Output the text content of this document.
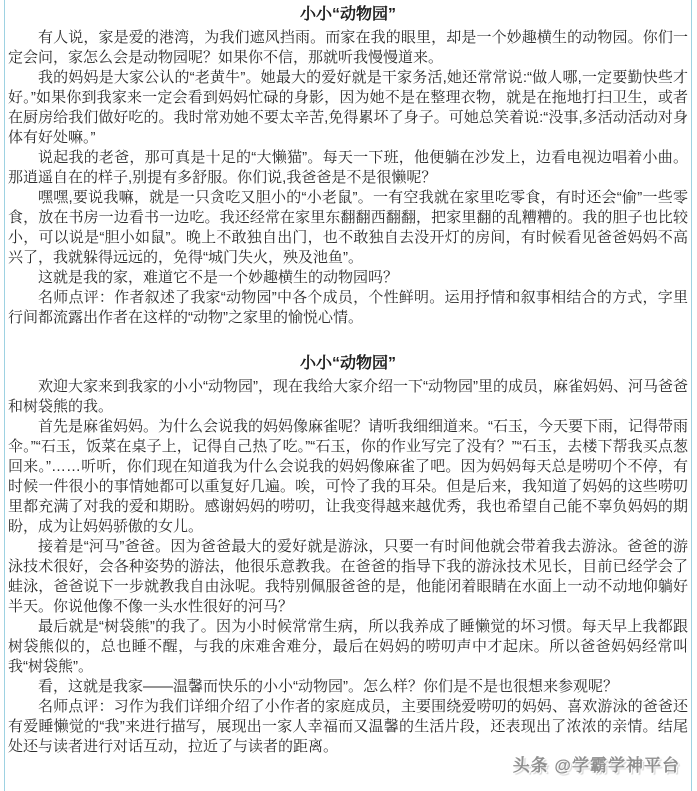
小小“动物园”

有人说，家是爱的港湾，为我们遮风挡雨。而家在我的眼里，却是一个妙趣横生的动物园。你们一定会问，家怎么会是动物园呢？如果你不信，那就听我慢慢道来。

我的妈妈是大家公认的“老黄牛”。她最大的爱好就是干家务活,她还常常说:“做人哪,一定要勤快些才好。”如果你到我家来一定会看到妈妈忙碌的身影，因为她不是在整理衣物，就是在拖地打扫卫生，或者在厨房给我们做好吃的。我时常劝她不要太辛苦,免得累坏了身子。可她总笑着说:“没事,多活动活动对身体有好处嘛。”

说起我的老爸，那可真是十足的“大懒猫”。每天一下班，他便躺在沙发上，边看电视边唱着小曲。那逍遥自在的样子,别提有多舒服。你们说,我爸爸是不是很懒呢？

嘿嘿,要说我嘛，就是一只贪吃又胆小的“小老鼠”。一有空我就在家里吃零食，有时还会“偷”一些零食，放在书房一边看书一边吃。我还经常在家里东翻翻西翻翻，把家里翻的乱糟糟的。我的胆子也比较小，可以说是“胆小如鼠”。晚上不敢独自出门，也不敢独自去没开灯的房间，有时候看见爸爸妈妈不高兴了，我就躲得远远的，免得“城门失火，殃及池鱼”。

这就是我的家，难道它不是一个妙趣横生的动物园吗？

名师点评：作者叙述了我家“动物园”中各个成员，个性鲜明。运用抒情和叙事相结合的方式，字里行间都流露出作者在这样的“动物”之家里的愉悦心情。

小小“动物园”

欢迎大家来到我家的小小“动物园”，现在我给大家介绍一下“动物园”里的成员，麻雀妈妈、河马爸爸和树袋熊的我。

首先是麻雀妈妈。为什么会说我的妈妈像麻雀呢？请听我细细道来。“石玉，今天要下雨，记得带雨伞。”“石玉，饭菜在桌子上，记得自己热了吃。”“石玉，你的作业写完了没有？”“石玉，去楼下帮我买点葱回来。”……听听，你们现在知道我为什么会说我的妈妈像麻雀了吧。因为妈妈每天总是唠叨个不停，有时候一件很小的事情她都可以重复好几遍。唉，可怜了我的耳朵。但是后来，我知道了妈妈的这些唠叨里都充满了对我的爱和期盼。感谢妈妈的唠叨，让我变得越来越优秀，我也希望自己能不辜负妈妈的期盼，成为让妈妈骄傲的女儿。

接着是“河马”爸爸。因为爸爸最大的爱好就是游泳，只要一有时间他就会带着我去游泳。爸爸的游泳技术很好，会各种姿势的游法，他很乐意教我。在爸爸的指导下我的游泳技术见长，目前已经学会了蛙泳，爸爸说下一步就教我自由泳呢。我特别佩服爸爸的是，他能闭着眼睛在水面上一动不动地仰躺好半天。你说他像不像一头水性很好的河马？

最后就是“树袋熊”的我了。因为小时候常常生病，所以我养成了睡懒觉的坏习惯。每天早上我都跟树袋熊似的，总也睡不醒，与我的床难舍难分，最后在妈妈的唠叨声中才起床。所以爸爸妈妈经常叫我“树袋熊”。

看，这就是我家——温馨而快乐的小小“动物园”。怎么样？你们是不是也很想来参观呢？

名师点评：习作为我们详细介绍了小作者的家庭成员，主要围绕爱唠叨的妈妈、喜欢游泳的爸爸还有爱睡懒觉的“我”来进行描写，展现出一家人幸福而又温馨的生活片段，还表现出了浓浓的亲情。结尾处还与读者进行对话互动，拉近了与读者的距离。

头条 @学霸学神平台
